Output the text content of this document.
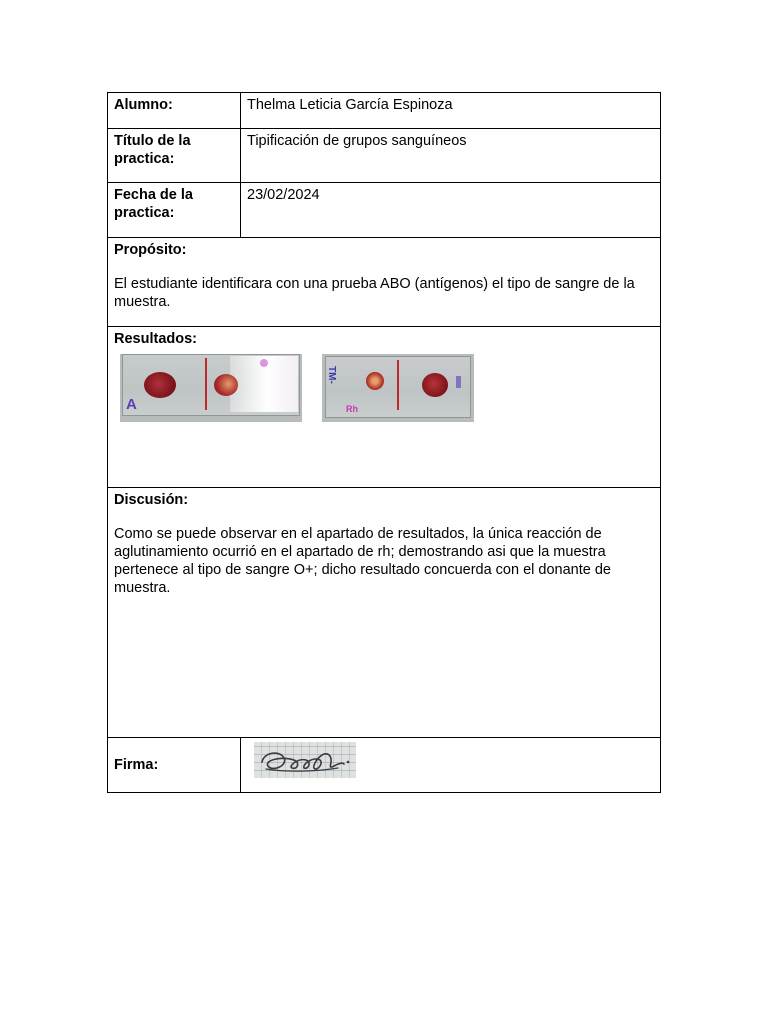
Alumno:	Thelma Leticia García Espinoza

Título de la
practica:	Tipificación de grupos sanguíneos

Fecha de la
practica:	23/02/2024

Propósito:
El estudiante identificara con una prueba ABO (antígenos) el tipo de sangre de la muestra.	

Resultados:
A
TM-
Rh	

Discusión:
Como se puede observar en el apartado de resultados, la única reacción de aglutinamiento ocurrió en el apartado de rh; demostrando asi que la muestra pertenece al tipo de sangre O+; dicho resultado concuerda con el donante de muestra.	

Firma:	
